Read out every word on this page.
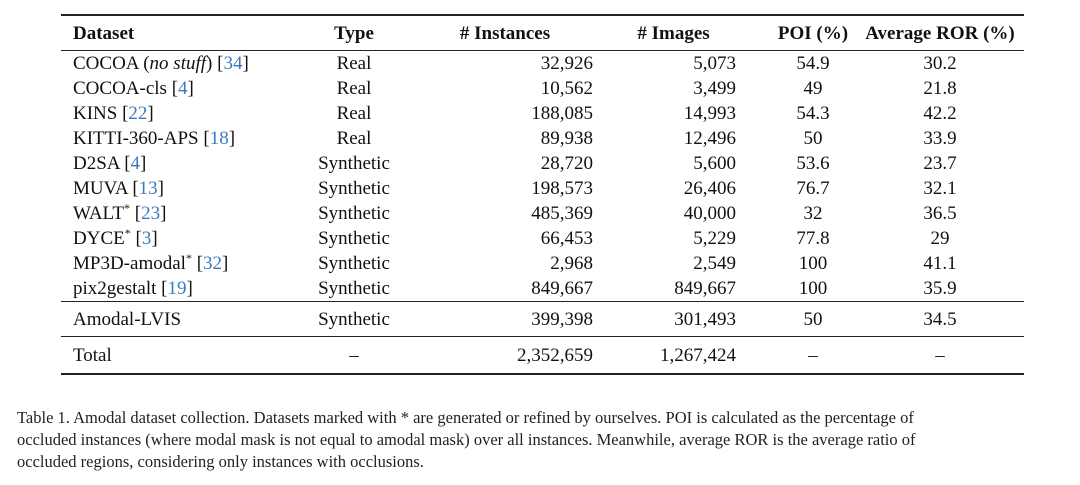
Dataset	Type	# Instances	# Images	POI (%)	Average ROR (%)
COCOA (no stuff) [34]	Real	32,926	5,073	54.9	30.2
COCOA-cls [4]	Real	10,562	3,499	49	21.8
KINS [22]	Real	188,085	14,993	54.3	42.2
KITTI-360-APS [18]	Real	89,938	12,496	50	33.9
D2SA [4]	Synthetic	28,720	5,600	53.6	23.7
MUVA [13]	Synthetic	198,573	26,406	76.7	32.1
WALT* [23]	Synthetic	485,369	40,000	32	36.5
DYCE* [3]	Synthetic	66,453	5,229	77.8	29
MP3D-amodal* [32]	Synthetic	2,968	2,549	100	41.1
pix2gestalt [19]	Synthetic	849,667	849,667	100	35.9
Amodal-LVIS	Synthetic	399,398	301,493	50	34.5
Total	–	2,352,659	1,267,424	–	–
Table 1. Amodal dataset collection. Datasets marked with * are generated or refined by ourselves. POI is calculated as the percentage of
occluded instances (where modal mask is not equal to amodal mask) over all instances. Meanwhile, average ROR is the average ratio of
occluded regions, considering only instances with occlusions.
